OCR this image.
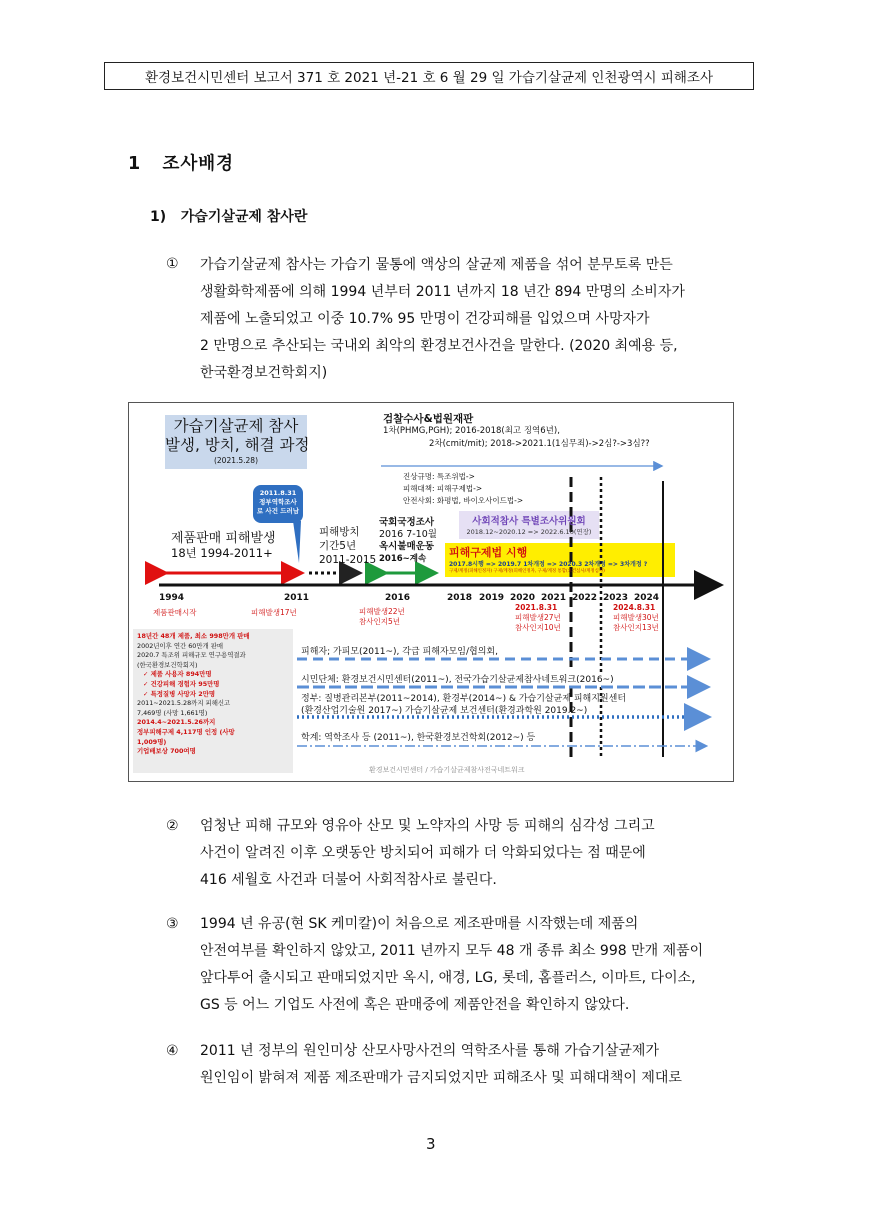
환경보건시민센터 보고서 371 호 2021 년-21 호 6 월 29 일 가습기살균제 인천광역시 피해조사
1 조사배경
1) 가습기살균제 참사란
① 가습기살균제 참사는 가습기 물통에 액상의 살균제 제품을 섞어 분무토록 만든
생활화학제품에 의해 1994 년부터 2011 년까지 18 년간 894 만명의 소비자가
제품에 노출되었고 이중 10.7% 95 만명이 건강피해를 입었으며 사망자가
2 만명으로 추산되는 국내외 최악의 환경보건사건을 말한다. (2020 최예용 등,
한국환경보건학회지)
가습기살균제 참사
발생, 방치, 해결 과정
(2021.5.28)
2011.8.31
정부역학조사
로 사건 드러남
제품판매 피해발생
18년 1994-2011+
피해방치
기간5년
2011-2015
국회국정조사
2016 7-10월
옥시불매운동
2016~계속
검찰수사&법원재판
1차(PHMG,PGH); 2016-2018(최고 징역6년),
2차(cmit/mit); 2018->2021.1(1심무죄)->2심?->3심??
진상규명: 특조위법->
피해대책: 피해구제법->
안전사회: 화평법, 바이오사이드법->
사회적참사 특별조사위원회
2018.12~2020.12 => 2022.6.10(연장)
피해구제법 시행
2017.8시행 => 2019.7 1차개정 => 2020.3 2차개정 => 3차개정 ?
구제/계정(피해인정자) 구제/계정(피해인정자, 구제/계정 통합(요건심사/계정심사)
1994	2011	2016	2018 2019 2020 2021 2022 2023 2024
제품판매시작	피해발생17년	피해발생22년
참사인지5년
2021.8.31
피해발생27년
참사인지10년
2024.8.31
피해발생30년
참사인지13년
18년간 48개 제품, 최소 998만개 판매
2002년이후 연간 60만개 판매
2020.7 특조위 피해규모 연구용역결과
(한국환경보건학회지)
✓ 제품 사용자 894만명
✓ 건강피해 경험자 95만명
✓ 특정질병 사망자 2만명
2011~2021.5.28까지 피해신고
7,469명 (사망 1,661명)
2014.4~2021.5.26까지
정부피해구제 4,117명 인정 (사망
1,009명)
기업배보상 700여명
피해자; 가피모(2011~), 각급 피해자모임/협의회,
시민단체: 환경보건시민센터(2011~), 전국가습기살균제참사네트워크(2016~)
정부: 질병관리본부(2011~2014), 환경부(2014~) & 가습기살균제 피해지원센터
(환경산업기술원 2017~) 가습기살균제 보건센터(환경과학원 2019.2~)
학계: 역학조사 등 (2011~), 한국환경보건학회(2012~) 등
환경보건시민센터 / 가습기살균제참사전국네트워크
② 엄청난 피해 규모와 영유아 산모 및 노약자의 사망 등 피해의 심각성 그리고
사건이 알려진 이후 오랫동안 방치되어 피해가 더 악화되었다는 점 때문에
416 세월호 사건과 더불어 사회적참사로 불린다.
③ 1994 년 유공(현 SK 케미칼)이 처음으로 제조판매를 시작했는데 제품의
안전여부를 확인하지 않았고, 2011 년까지 모두 48 개 종류 최소 998 만개 제품이
앞다투어 출시되고 판매되었지만 옥시, 애경, LG, 롯데, 홈플러스, 이마트, 다이소,
GS 등 어느 기업도 사전에 혹은 판매중에 제품안전을 확인하지 않았다.
④ 2011 년 정부의 원인미상 산모사망사건의 역학조사를 통해 가습기살균제가
원인임이 밝혀져 제품 제조판매가 금지되었지만 피해조사 및 피해대책이 제대로
3
